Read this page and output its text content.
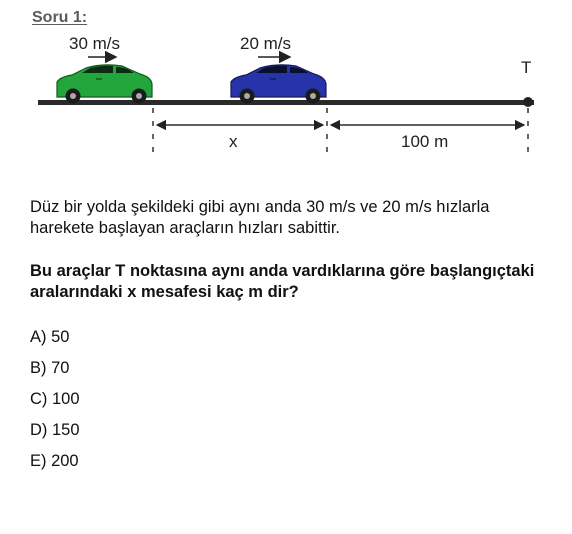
Soru 1:
30 m/s	20 m/s
T
x	100 m
Düz bir yolda şekildeki gibi aynı anda 30 m/s ve 20 m/s hızlarla harekete başlayan araçların hızları sabittir.
Bu araçlar T noktasına aynı anda vardıklarına göre başlangıçtaki aralarındaki x mesafesi kaç m dir?
A) 50
B) 70
C) 100
D) 150
E) 200
